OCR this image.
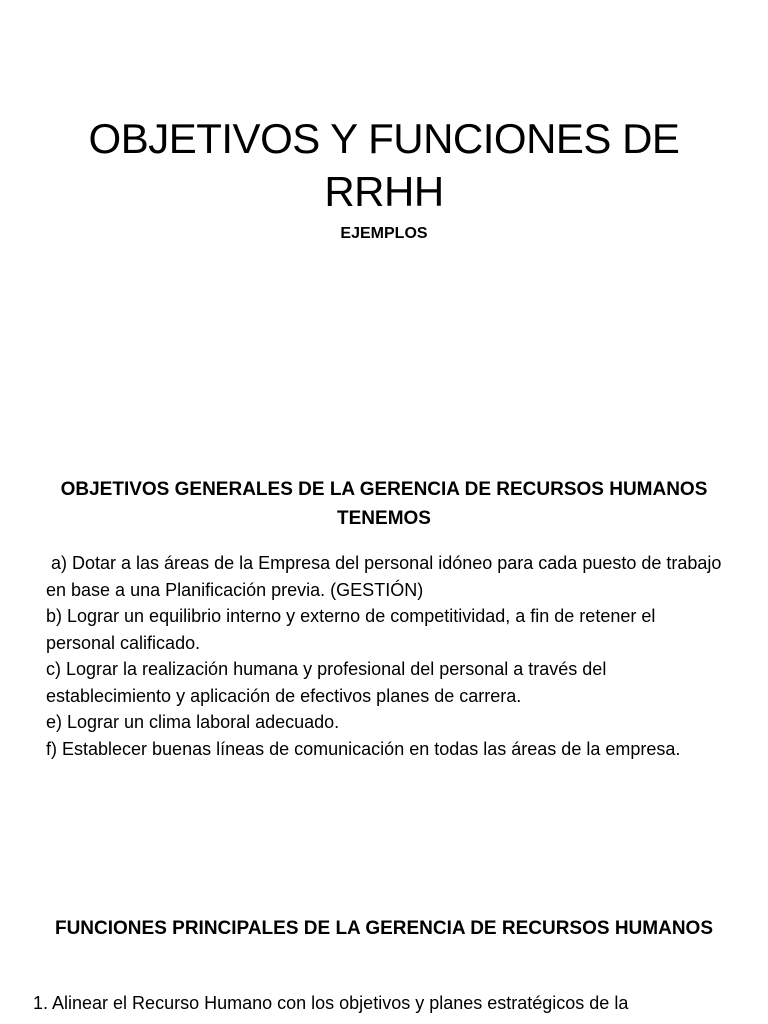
OBJETIVOS Y FUNCIONES DE RRHH

EJEMPLOS

OBJETIVOS GENERALES DE LA GERENCIA DE RECURSOS HUMANOS TENEMOS
a) Dotar a las áreas de la Empresa del personal idóneo para cada puesto de trabajo en base a una Planificación previa. (GESTIÓN)
b) Lograr un equilibrio interno y externo de competitividad, a fin de retener el personal calificado.
c) Lograr la realización humana y profesional del personal a través del establecimiento y aplicación de efectivos planes de carrera.
e) Lograr un clima laboral adecuado.
f) Establecer buenas líneas de comunicación en todas las áreas de la empresa.
FUNCIONES PRINCIPALES DE LA GERENCIA DE RECURSOS HUMANOS
1. Alinear el Recurso Humano con los objetivos y planes estratégicos de la
